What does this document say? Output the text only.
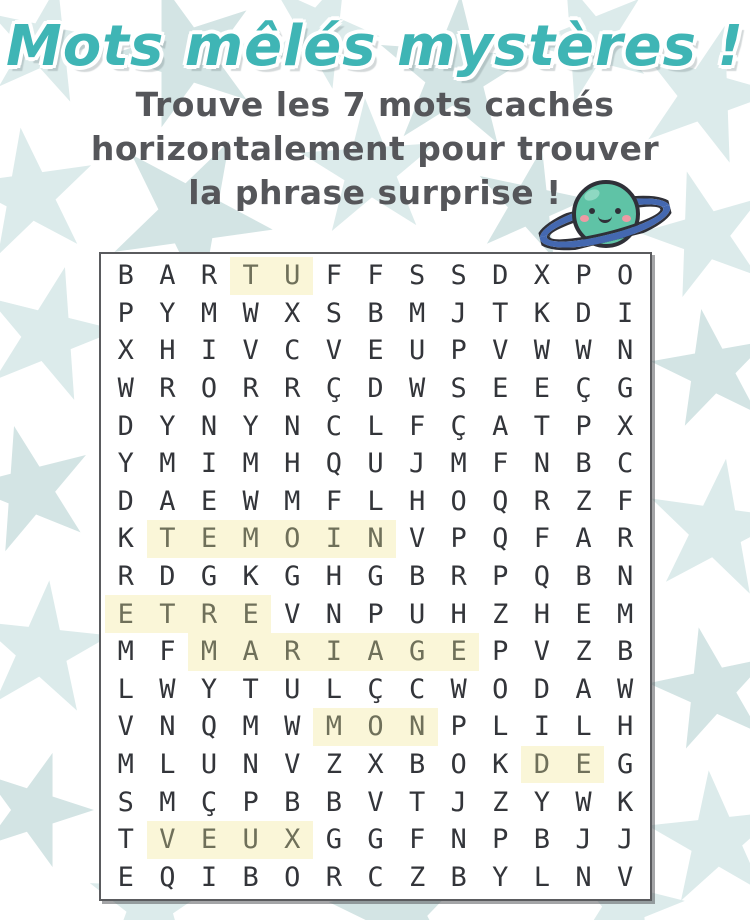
Mots mêlés mystères !

Trouve les 7 mots cachés

horizontalement pour trouver

la phrase surprise !

B A R T U F F S S D X P O
P Y M W X S B M J T K D I
X H I V C V E U P V W W N
W R O R R Ç D W S E E Ç G
D Y N Y N C L F Ç A T P X
Y M I M H Q U J M F N B C
D A E W M F L H O Q R Z F
K T E M O I N V P Q F A R
R D G K G H G B R P Q B N
E T R E V N P U H Z H E M
M F M A R I A G E P V Z B
L W Y T U L Ç C W O D A W
V N Q M W M O N P L I L H
M L U N V Z X B O K D E G
S M Ç P B B V T J Z Y W K
T V E U X G G F N P B J J
E Q I B O R C Z B Y L N V
